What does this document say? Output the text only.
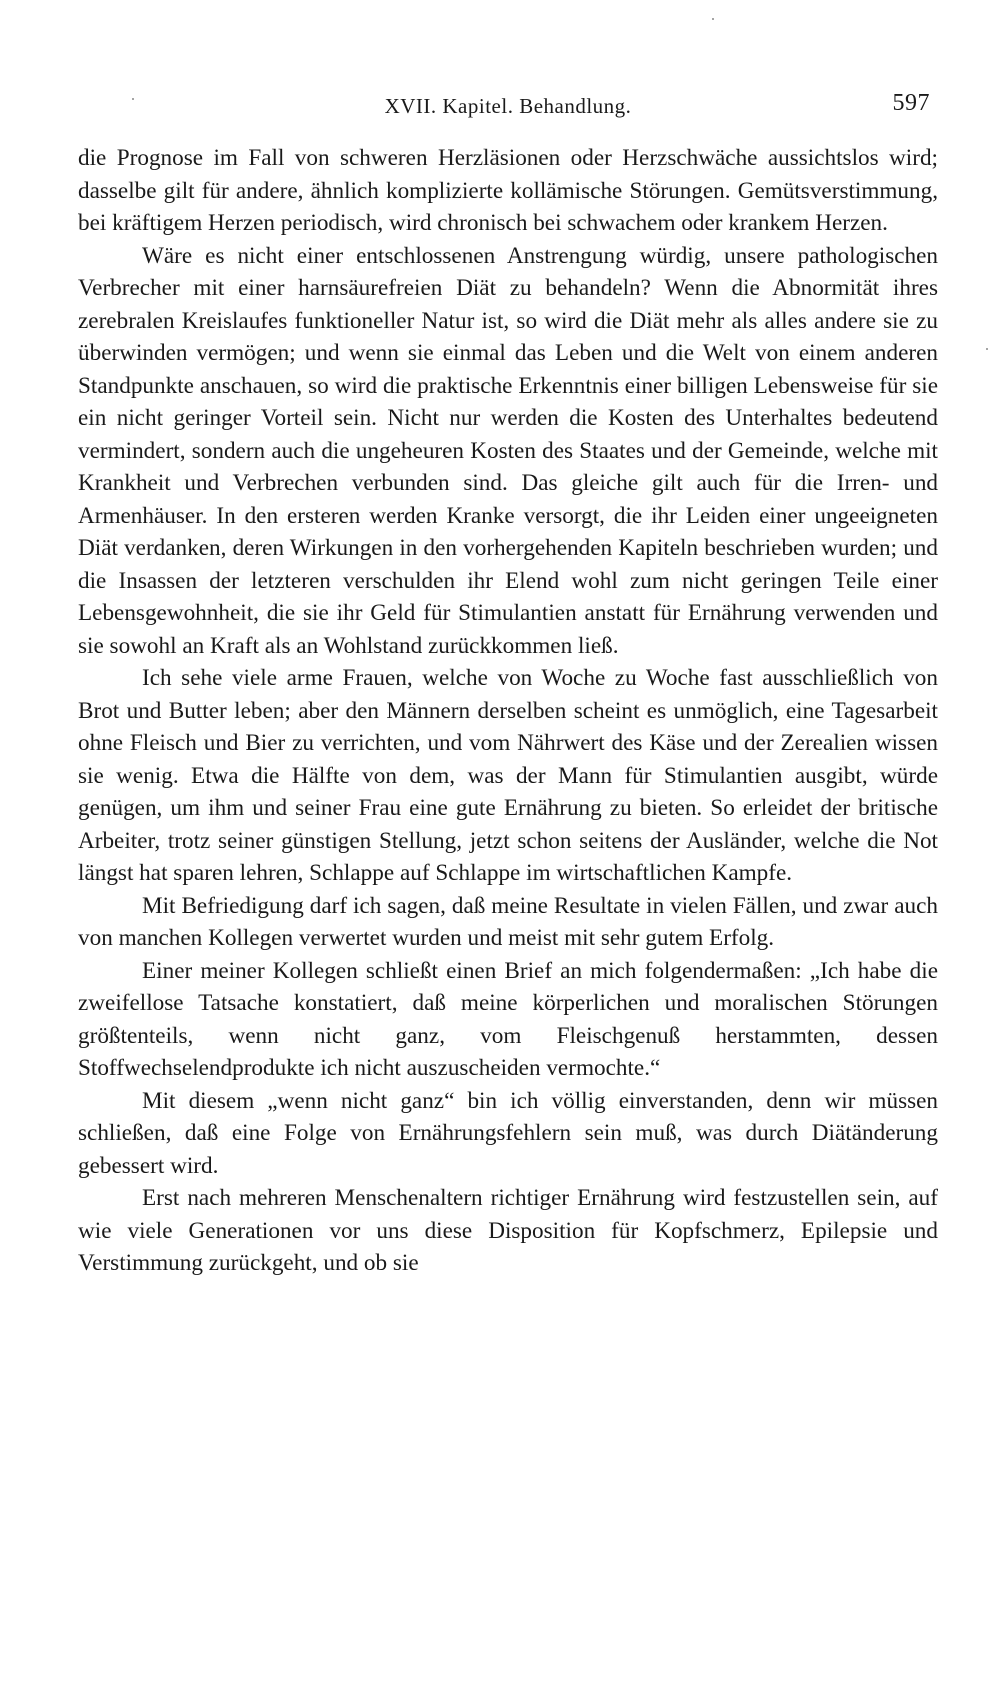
XVII. Kapitel. Behandlung.	597

die Prognose im Fall von schweren Herzläsionen oder Herzschwäche aussichtslos wird; dasselbe gilt für andere, ähnlich komplizierte kollämische Störungen. Gemütsverstimmung, bei kräftigem Herzen periodisch, wird chronisch bei schwachem oder krankem Herzen.

Wäre es nicht einer entschlossenen Anstrengung würdig, unsere pathologischen Verbrecher mit einer harnsäurefreien Diät zu behandeln? Wenn die Abnormität ihres zerebralen Kreislaufes funktioneller Natur ist, so wird die Diät mehr als alles andere sie zu überwinden vermögen; und wenn sie einmal das Leben und die Welt von einem anderen Standpunkte anschauen, so wird die praktische Erkenntnis einer billigen Lebensweise für sie ein nicht geringer Vorteil sein. Nicht nur werden die Kosten des Unterhaltes bedeutend vermindert, sondern auch die ungeheuren Kosten des Staates und der Gemeinde, welche mit Krankheit und Verbrechen verbunden sind. Das gleiche gilt auch für die Irren- und Armenhäuser. In den ersteren werden Kranke versorgt, die ihr Leiden einer ungeeigneten Diät verdanken, deren Wirkungen in den vorhergehenden Kapiteln beschrieben wurden; und die Insassen der letzteren verschulden ihr Elend wohl zum nicht geringen Teile einer Lebensgewohnheit, die sie ihr Geld für Stimulantien anstatt für Ernährung verwenden und sie sowohl an Kraft als an Wohlstand zurückkommen ließ.

Ich sehe viele arme Frauen, welche von Woche zu Woche fast ausschließlich von Brot und Butter leben; aber den Männern derselben scheint es unmöglich, eine Tagesarbeit ohne Fleisch und Bier zu verrichten, und vom Nährwert des Käse und der Zerealien wissen sie wenig. Etwa die Hälfte von dem, was der Mann für Stimulantien ausgibt, würde genügen, um ihm und seiner Frau eine gute Ernährung zu bieten. So erleidet der britische Arbeiter, trotz seiner günstigen Stellung, jetzt schon seitens der Ausländer, welche die Not längst hat sparen lehren, Schlappe auf Schlappe im wirtschaftlichen Kampfe.

Mit Befriedigung darf ich sagen, daß meine Resultate in vielen Fällen, und zwar auch von manchen Kollegen verwertet wurden und meist mit sehr gutem Erfolg.

Einer meiner Kollegen schließt einen Brief an mich folgendermaßen: „Ich habe die zweifellose Tatsache konstatiert, daß meine körperlichen und moralischen Störungen größtenteils, wenn nicht ganz, vom Fleischgenuß herstammten, dessen Stoffwechselendprodukte ich nicht auszuscheiden vermochte.“

Mit diesem „wenn nicht ganz“ bin ich völlig einverstanden, denn wir müssen schließen, daß eine Folge von Ernährungsfehlern sein muß, was durch Diätänderung gebessert wird.

Erst nach mehreren Menschenaltern richtiger Ernährung wird festzustellen sein, auf wie viele Generationen vor uns diese Disposition für Kopfschmerz, Epilepsie und Verstimmung zurückgeht, und ob sie
